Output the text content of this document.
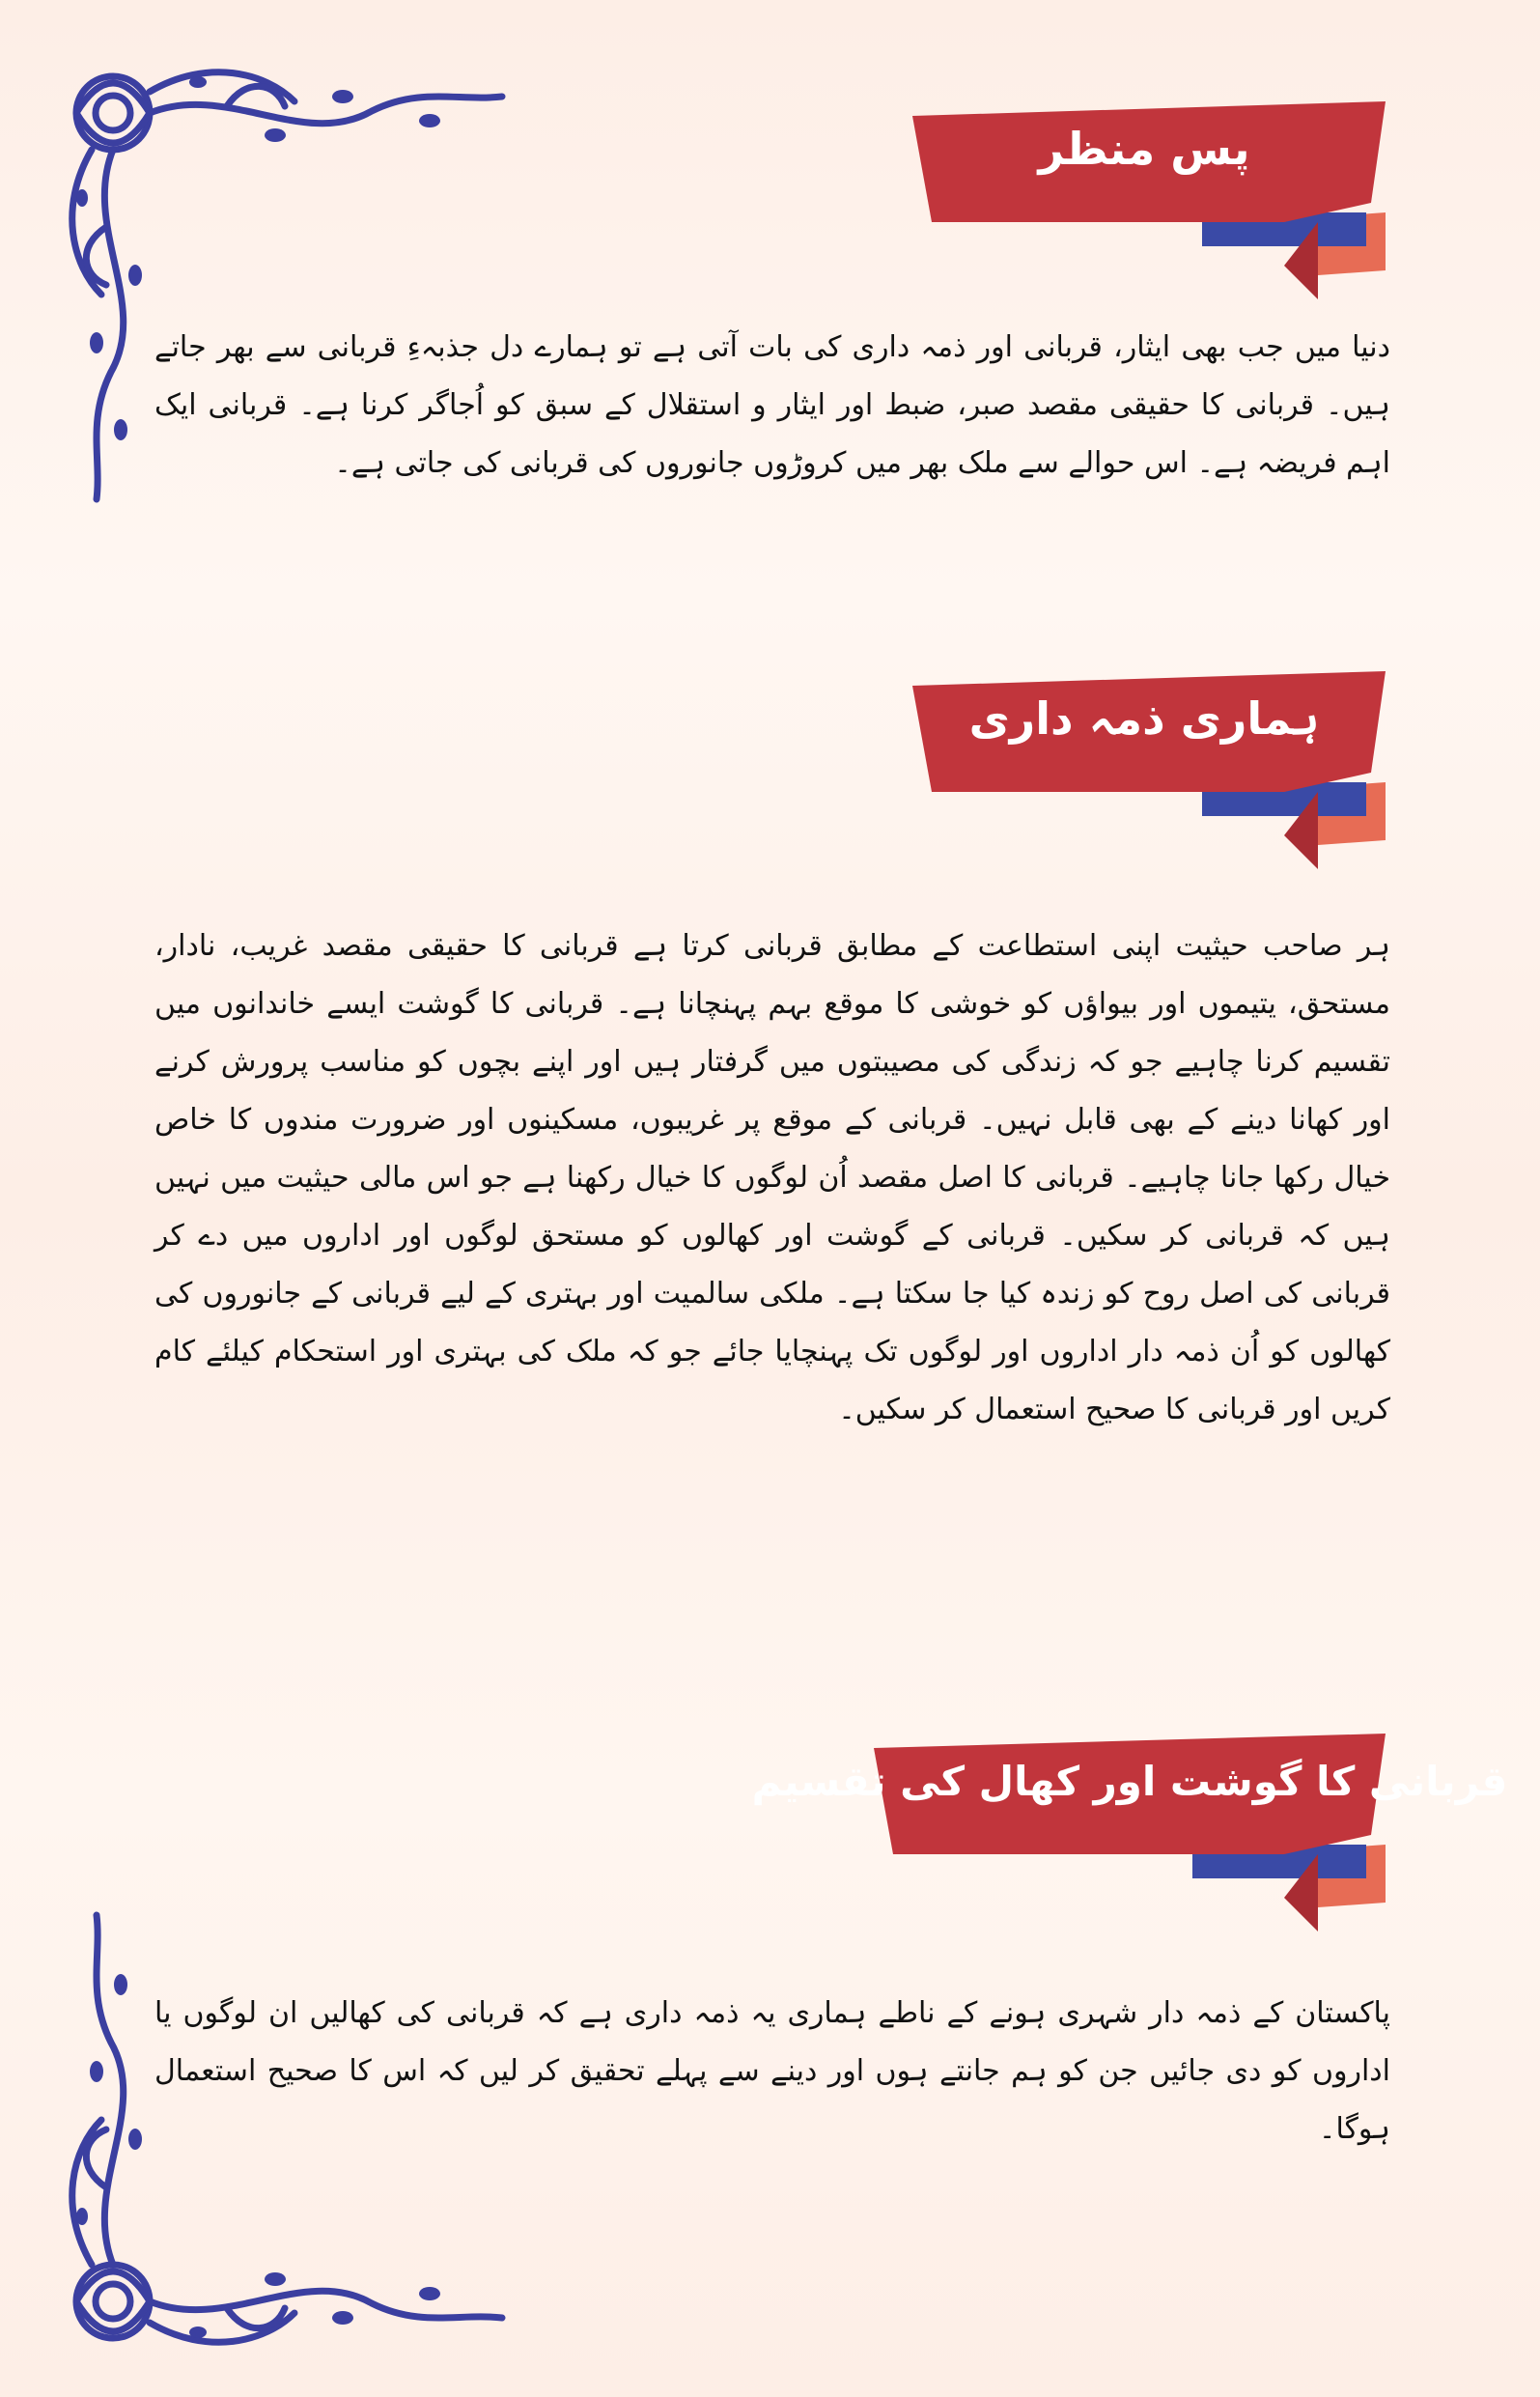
پس منظر

دنیا میں جب بھی ایثار، قربانی اور ذمہ داری کی بات آتی ہے تو ہمارے دل جذبہءِ قربانی سے بھر جاتے ہیں۔ قربانی کا حقیقی مقصد صبر، ضبط اور ایثار و استقلال کے سبق کو اُجاگر کرنا ہے۔ قربانی ایک اہم فریضہ ہے۔ اس حوالے سے ملک بھر میں کروڑوں جانوروں کی قربانی کی جاتی ہے۔

ہماری ذمہ داری

ہر صاحب حیثیت اپنی استطاعت کے مطابق قربانی کرتا ہے قربانی کا حقیقی مقصد غریب، نادار، مستحق، یتیموں اور بیواؤں کو خوشی کا موقع بہم پہنچانا ہے۔ قربانی کا گوشت ایسے خاندانوں میں تقسیم کرنا چاہیے جو کہ زندگی کی مصیبتوں میں گرفتار ہیں اور اپنے بچوں کو مناسب پرورش کرنے اور کھانا دینے کے بھی قابل نہیں۔ قربانی کے موقع پر غریبوں، مسکینوں اور ضرورت مندوں کا خاص خیال رکھا جانا چاہیے۔ قربانی کا اصل مقصد اُن لوگوں کا خیال رکھنا ہے جو اس مالی حیثیت میں نہیں ہیں کہ قربانی کر سکیں۔ قربانی کے گوشت اور کھالوں کو مستحق لوگوں اور اداروں میں دے کر قربانی کی اصل روح کو زندہ کیا جا سکتا ہے۔ ملکی سالمیت اور بہتری کے لیے قربانی کے جانوروں کی کھالوں کو اُن ذمہ دار اداروں اور لوگوں تک پہنچایا جائے جو کہ ملک کی بہتری اور استحکام کیلئے کام کریں اور قربانی کا صحیح استعمال کر سکیں۔

قربانی کا گوشت اور کھال کی تقسیم

پاکستان کے ذمہ دار شہری ہونے کے ناطے ہماری یہ ذمہ داری ہے کہ قربانی کی کھالیں ان لوگوں یا اداروں کو دی جائیں جن کو ہم جانتے ہوں اور دینے سے پہلے تحقیق کر لیں کہ اس کا صحیح استعمال ہوگا۔
